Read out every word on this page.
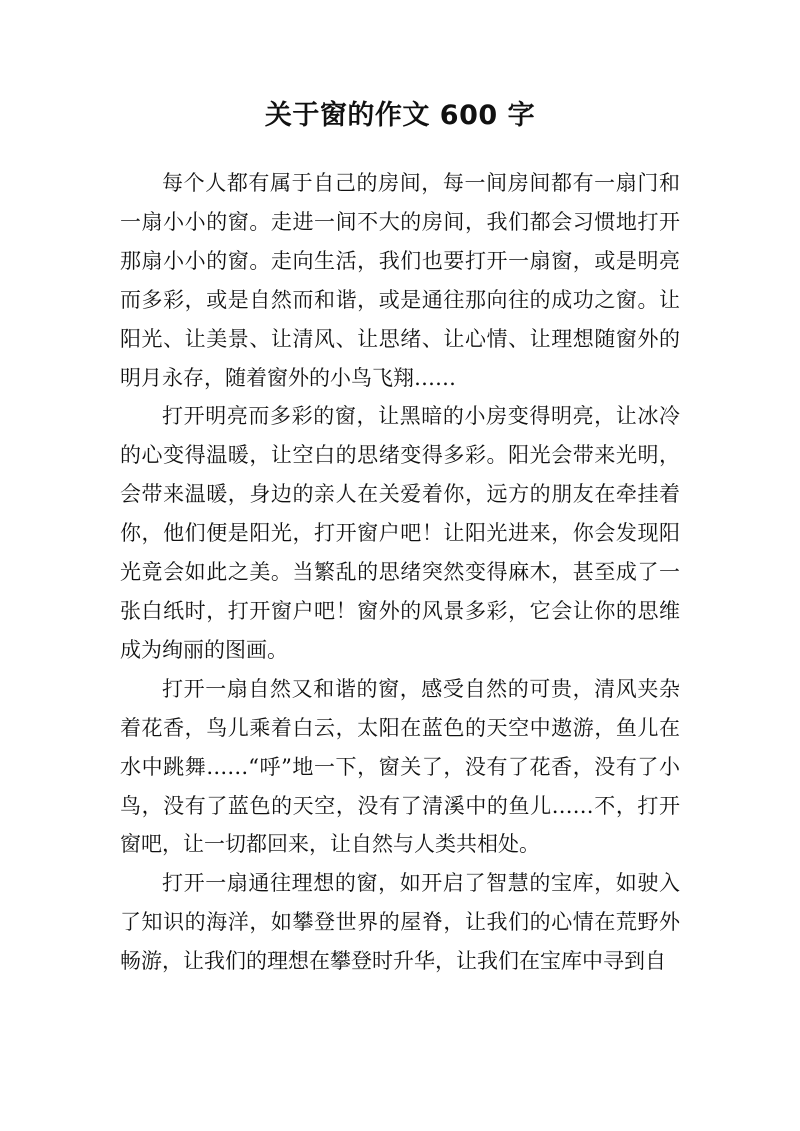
关于窗的作文 600 字

每个人都有属于自己的房间，每一间房间都有一扇门和一扇小小的窗。走进一间不大的房间，我们都会习惯地打开那扇小小的窗。走向生活，我们也要打开一扇窗，或是明亮而多彩，或是自然而和谐，或是通往那向往的成功之窗。让阳光、让美景、让清风、让思绪、让心情、让理想随窗外的明月永存，随着窗外的小鸟飞翔……

打开明亮而多彩的窗，让黑暗的小房变得明亮，让冰冷的心变得温暖，让空白的思绪变得多彩。阳光会带来光明，会带来温暖，身边的亲人在关爱着你，远方的朋友在牵挂着你，他们便是阳光，打开窗户吧！让阳光进来，你会发现阳光竟会如此之美。当繁乱的思绪突然变得麻木，甚至成了一张白纸时，打开窗户吧！窗外的风景多彩，它会让你的思维成为绚丽的图画。

打开一扇自然又和谐的窗，感受自然的可贵，清风夹杂着花香，鸟儿乘着白云，太阳在蓝色的天空中遨游，鱼儿在水中跳舞……“呼”地一下，窗关了，没有了花香，没有了小鸟，没有了蓝色的天空，没有了清溪中的鱼儿……不，打开窗吧，让一切都回来，让自然与人类共相处。

打开一扇通往理想的窗，如开启了智慧的宝库，如驶入了知识的海洋，如攀登世界的屋脊，让我们的心情在荒野外畅游，让我们的理想在攀登时升华，让我们在宝库中寻到自
